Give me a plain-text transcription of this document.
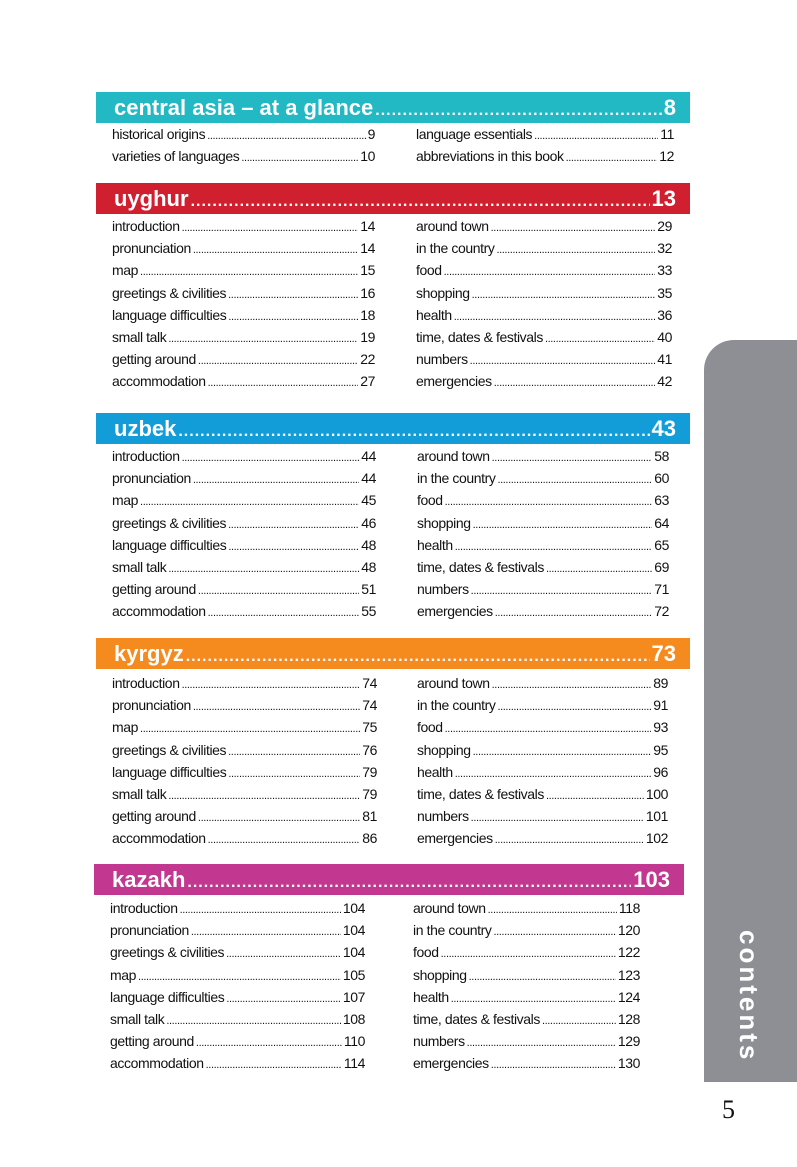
central asia – at a glance .....	8
historical origins .....	9
varieties of languages .....	10
language essentials .....	11
abbreviations in this book .....	12
uyghur .....	13
introduction .....	14
pronunciation .....	14
map .....	15
greetings & civilities .....	16
language difficulties .....	18
small talk .....	19
getting around .....	22
accommodation .....	27
around town .....	29
in the country .....	32
food .....	33
shopping .....	35
health .....	36
time, dates & festivals .....	40
numbers .....	41
emergencies .....	42
uzbek .....	43
introduction .....	44
pronunciation .....	44
map .....	45
greetings & civilities .....	46
language difficulties .....	48
small talk .....	48
getting around .....	51
accommodation .....	55
around town .....	58
in the country .....	60
food .....	63
shopping .....	64
health .....	65
time, dates & festivals .....	69
numbers .....	71
emergencies .....	72
kyrgyz .....	73
introduction .....	74
pronunciation .....	74
map .....	75
greetings & civilities .....	76
language difficulties .....	79
small talk .....	79
getting around .....	81
accommodation .....	86
around town .....	89
in the country .....	91
food .....	93
shopping .....	95
health .....	96
time, dates & festivals .....	100
numbers .....	101
emergencies .....	102
kazakh .....	103
introduction .....	104
pronunciation .....	104
greetings & civilities .....	104
map .....	105
language difficulties .....	107
small talk .....	108
getting around .....	110
accommodation .....	114
around town .....	118
in the country .....	120
food .....	122
shopping .....	123
health .....	124
time, dates & festivals .....	128
numbers .....	129
emergencies .....	130
contents
5
